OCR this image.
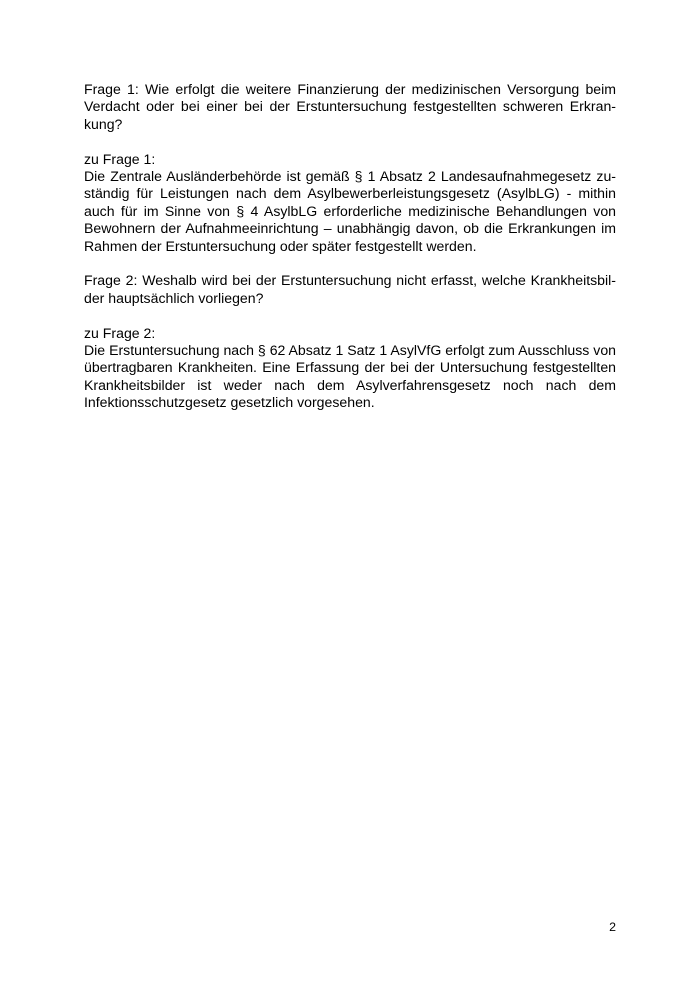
Frage 1: Wie erfolgt die weitere Finanzierung der medizinischen Versorgung beim Verdacht oder bei einer bei der Erstuntersuchung festgestellten schweren Erkrankung?

zu Frage 1:

Die Zentrale Ausländerbehörde ist gemäß § 1 Absatz 2 Landesaufnahmegesetz zuständig für Leistungen nach dem Asylbewerberleistungsgesetz (AsylbLG) - mithin auch für im Sinne von § 4 AsylbLG erforderliche medizinische Behandlungen von Bewohnern der Aufnahmeeinrichtung – unabhängig davon, ob die Erkrankungen im Rahmen der Erstuntersuchung oder später festgestellt werden.

Frage 2: Weshalb wird bei der Erstuntersuchung nicht erfasst, welche Krankheitsbilder hauptsächlich vorliegen?

zu Frage 2:

Die Erstuntersuchung nach § 62 Absatz 1 Satz 1 AsylVfG erfolgt zum Ausschluss von übertragbaren Krankheiten. Eine Erfassung der bei der Untersuchung festgestellten Krankheitsbilder ist weder nach dem Asylverfahrensgesetz noch nach dem Infektionsschutzgesetz gesetzlich vorgesehen.

2
